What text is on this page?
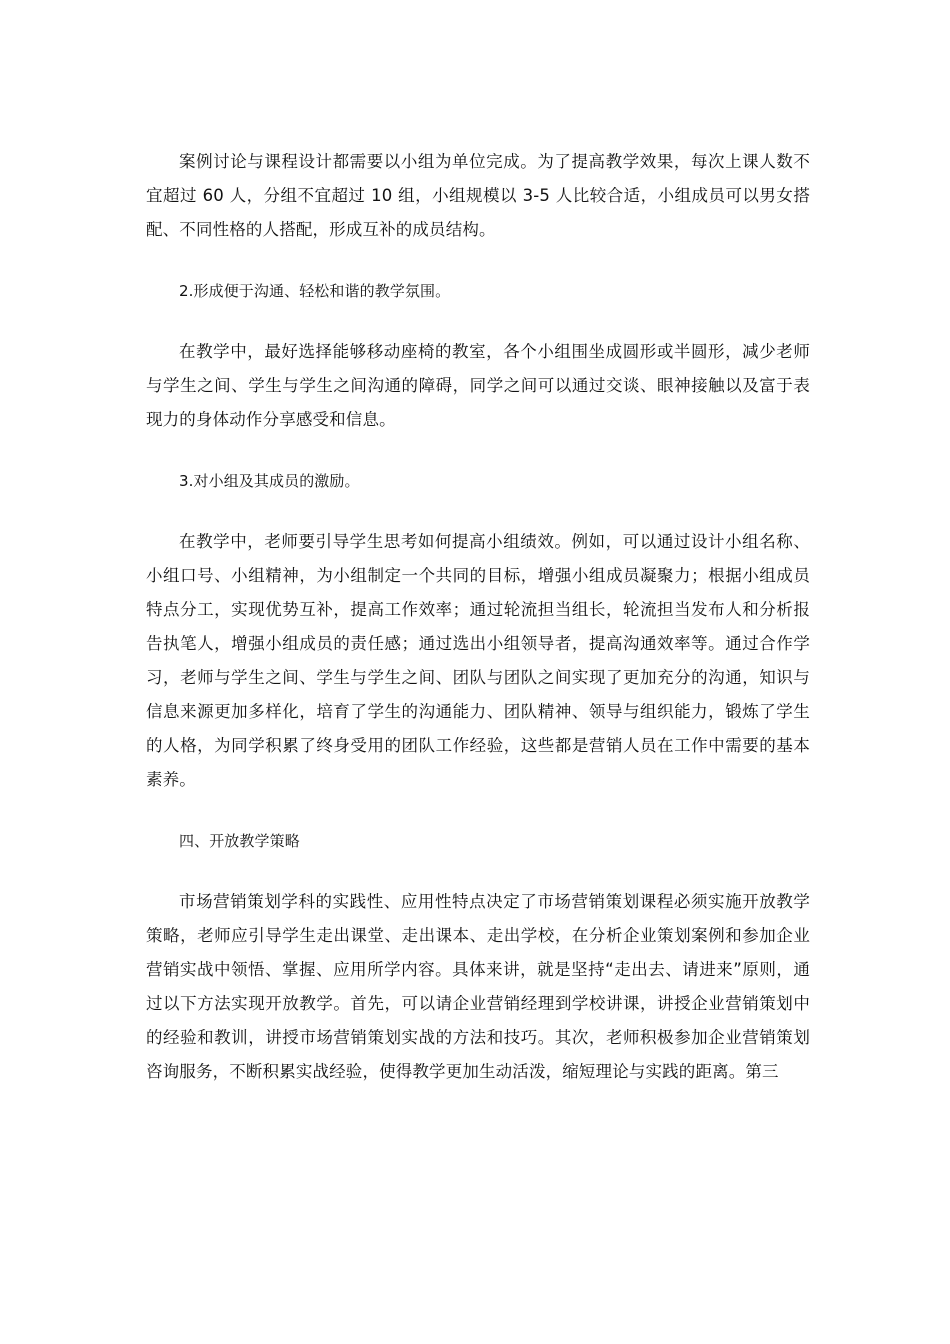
案例讨论与课程设计都需要以小组为单位完成。为了提高教学效果，每次上课人数不宜超过 60 人，分组不宜超过 10 组，小组规模以 3-5 人比较合适，小组成员可以男女搭配、不同性格的人搭配，形成互补的成员结构。

2.形成便于沟通、轻松和谐的教学氛围。

在教学中，最好选择能够移动座椅的教室，各个小组围坐成圆形或半圆形，减少老师与学生之间、学生与学生之间沟通的障碍，同学之间可以通过交谈、眼神接触以及富于表现力的身体动作分享感受和信息。

3.对小组及其成员的激励。

在教学中，老师要引导学生思考如何提高小组绩效。例如，可以通过设计小组名称、小组口号、小组精神，为小组制定一个共同的目标，增强小组成员凝聚力；根据小组成员特点分工，实现优势互补，提高工作效率；通过轮流担当组长，轮流担当发布人和分析报告执笔人，增强小组成员的责任感；通过选出小组领导者，提高沟通效率等。通过合作学习，老师与学生之间、学生与学生之间、团队与团队之间实现了更加充分的沟通，知识与信息来源更加多样化，培育了学生的沟通能力、团队精神、领导与组织能力，锻炼了学生的人格，为同学积累了终身受用的团队工作经验，这些都是营销人员在工作中需要的基本素养。

四、开放教学策略

市场营销策划学科的实践性、应用性特点决定了市场营销策划课程必须实施开放教学策略，老师应引导学生走出课堂、走出课本、走出学校，在分析企业策划案例和参加企业营销实战中领悟、掌握、应用所学内容。具体来讲，就是坚持“走出去、请进来”原则，通过以下方法实现开放教学。首先，可以请企业营销经理到学校讲课，讲授企业营销策划中的经验和教训，讲授市场营销策划实战的方法和技巧。其次，老师积极参加企业营销策划咨询服务，不断积累实战经验，使得教学更加生动活泼，缩短理论与实践的距离。第三
